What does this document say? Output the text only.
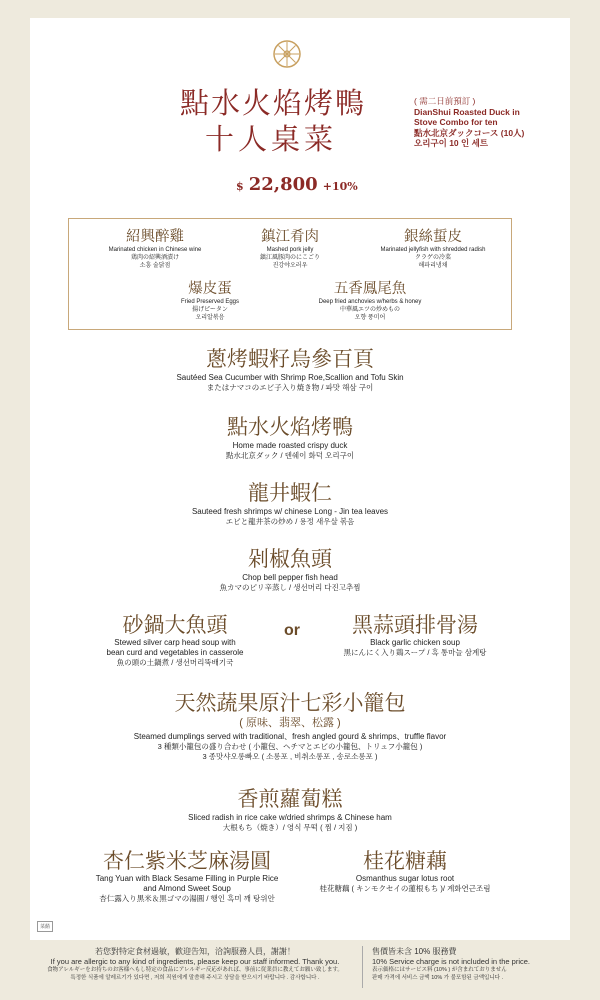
點水火焰烤鴨
十人桌菜
( 需二日前預訂 )
DianShui Roasted Duck in Stove Combo for ten
點水北京ダックコース (10人)
오리구이 10 인 세트
$ 22,800 +10%
紹興醉雞
Marinated chicken in Chinese wine
鶏肉の紹興酒漬け
소흥 술닭점
鎮江肴肉
Mashed pork jelly
鎮江風豚肉のにこごり
진강야오러우
銀絲蜇皮
Marinated jellyfish with shredded radish
クラゲの冷菜
해파리냉채
爆皮蛋
Fried Preserved Eggs
揚げピータン
오리알볶음
五香鳳尾魚
Deep fried anchovies w/herbs & honey
中華風エツの炒めもの
오향 풍미어
蔥烤蝦籽烏參百頁
Sautéed Sea Cucumber with Shrimp Roe,Scallion and Tofu Skin
またはナマコのエビ子入り焼き物 / 파맛 해삼 구이
點水火焰烤鴨
Home made roasted crispy duck
點水北京ダック / 덴쉐이 화덕 오리구이
龍井蝦仁
Sauteed fresh shrimps w/ chinese Long - Jin tea leaves
エビと龍井茶の炒め / 용정 새우살 볶음
剁椒魚頭
Chop bell pepper fish head
魚カマのピリ辛蒸し / 생선머리 다진고추찜
砂鍋大魚頭
Stewed silver carp head soup with
bean curd and vegetables in casserole
魚の頭の土鍋煮 / 생선머리뚝배기국
or	黑蒜頭排骨湯
Black garlic chicken soup
黒にんにく入り鶏スープ / 흑 통마늘 삼계탕
天然蔬果原汁七彩小籠包
( 原味、翡翠、松露 )
Steamed dumplings served with traditional、fresh angled gourd & shrimps、truffle flavor
3 種類小籠包の盛り合わせ ( 小籠包、ヘチマとエビの小籠包、トリュフ小籠包 )
3 종맛샤오롱빠오 ( 소롱포 , 비취소롱포 , 송로소롱포 )
香煎蘿蔔糕
Sliced radish in rice cake w/dried shrimps & Chinese ham
大根もち（焼き）/ 영식 무떡 ( 찜 / 지짐 )
杏仁紫米芝麻湯圓
Tang Yuan with Black Sesame Filling in Purple Rice
and Almond Sweet Soup
杏仁露入り黒米＆黒ゴマの湯圓 / 행인 흑미 깨 탕위안
桂花糖藕
Osmanthus sugar lotus root
桂花糖藕 ( キンモクセイの蓮根もち )/ 계화연근조림
菜餚
若您對特定食材過敏，歡迎告知，洽詢服務人員，謝謝！
If you are allergic to any kind of ingredients, please keep our staff informed. Thank you.
食物アレルギーをお持ちのお客様へもし特定の食品にアレルギー反応があれば、事前に従業員に教えてお願い致します。
특정한 식품에 알레르기가 있다면 , 저희 직원에게 말씀해 주시고 상담을 받으시기 바랍니다 . 감사합니다 .
售價皆未含 10% 服務費
10% Service charge is not included in the price.
表示価格にはサービス料 (10% ) が含まれておりません
판매 가격에 서비스 금액 10% 가 불포함된 금액입니다 .
